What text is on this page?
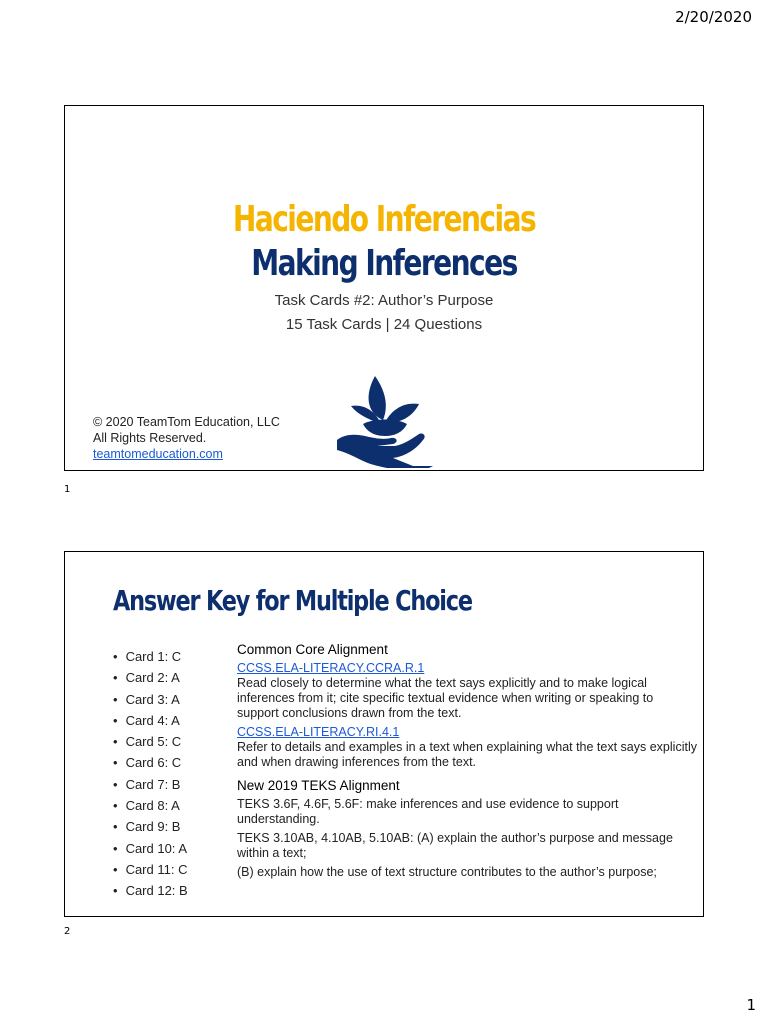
2/20/2020
Haciendo Inferencias
Making Inferences
Task Cards #2: Author’s Purpose
15 Task Cards | 24 Questions
© 2020 TeamTom Education, LLC
All Rights Reserved.
teamtomeducation.com
1
Answer Key for Multiple Choice
• Card 1: C
• Card 2: A
• Card 3: A
• Card 4: A
• Card 5: C
• Card 6: C
• Card 7: B
• Card 8: A
• Card 9: B
• Card 10: A
• Card 11: C
• Card 12: B
Common Core Alignment
CCSS.ELA-LITERACY.CCRA.R.1

Read closely to determine what the text says explicitly and to make logical inferences from it; cite specific textual evidence when writing or speaking to support conclusions drawn from the text.

CCSS.ELA-LITERACY.RI.4.1

Refer to details and examples in a text when explaining what the text says explicitly and when drawing inferences from the text.

New 2019 TEKS Alignment

TEKS 3.6F, 4.6F, 5.6F: make inferences and use evidence to support understanding.

TEKS 3.10AB, 4.10AB, 5.10AB: (A) explain the author’s purpose and message within a text;

(B) explain how the use of text structure contributes to the author’s purpose;

2
1
